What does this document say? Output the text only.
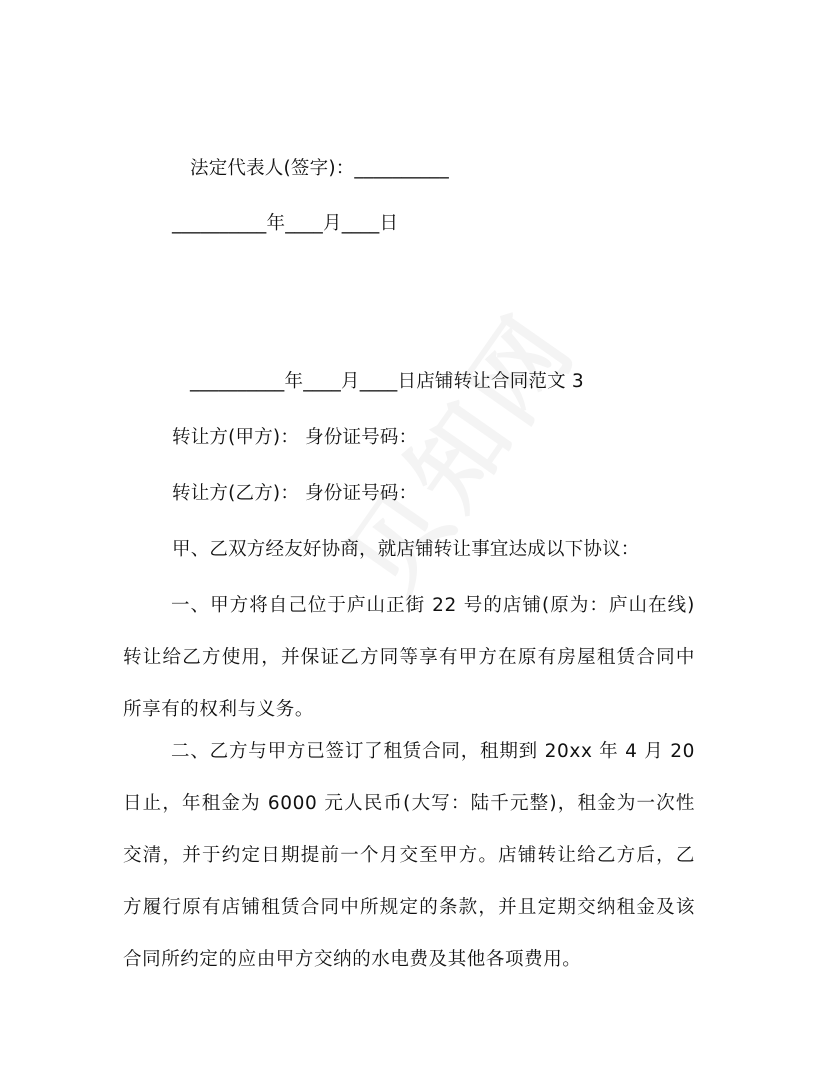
法定代表人(签字)：__________
__________年____月____日
__________年____月____日店铺转让合同范文 3
转让方(甲方)： 身份证号码：
转让方(乙方)： 身份证号码：
甲、乙双方经友好协商，就店铺转让事宜达成以下协议：
一、甲方将自己位于庐山正街 22 号的店铺(原为：庐山在线)转让给乙方使用，并保证乙方同等享有甲方在原有房屋租赁合同中所享有的权利与义务。
二、乙方与甲方已签订了租赁合同，租期到 20xx 年 4 月 20 日止，年租金为 6000 元人民币(大写：陆千元整)，租金为一次性交清，并于约定日期提前一个月交至甲方。店铺转让给乙方后，乙方履行原有店铺租赁合同中所规定的条款，并且定期交纳租金及该合同所约定的应由甲方交纳的水电费及其他各项费用。
